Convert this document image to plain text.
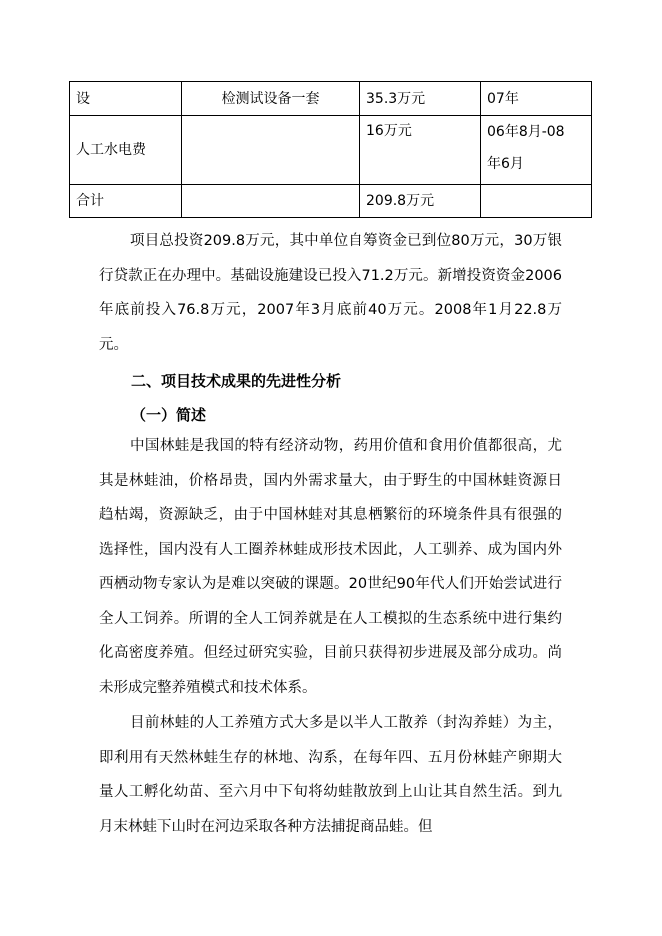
设	检测试设备一套	35.3万元	07年
人工水电费		16万元	06年8月-08
年6月

合计		209.8万元	

项目总投资209.8万元，其中单位自筹资金已到位80万元，30万银行贷款正在办理中。基础设施建设已投入71.2万元。新增投资资金2006年底前投入76.8万元，2007年3月底前40万元。2008年1月22.8万元。

二、项目技术成果的先进性分析
（一）简述

中国林蛙是我国的特有经济动物，药用价值和食用价值都很高，尤其是林蛙油，价格昂贵，国内外需求量大，由于野生的中国林蛙资源日趋枯竭，资源缺乏，由于中国林蛙对其息栖繁衍的环境条件具有很强的选择性，国内没有人工圈养林蛙成形技术因此，人工驯养、成为国内外西栖动物专家认为是难以突破的课题。20世纪90年代人们开始尝试进行全人工饲养。所谓的全人工饲养就是在人工模拟的生态系统中进行集约化高密度养殖。但经过研究实验，目前只获得初步进展及部分成功。尚未形成完整养殖模式和技术体系。

目前林蛙的人工养殖方式大多是以半人工散养（封沟养蛙）为主，即利用有天然林蛙生存的林地、沟系，在每年四、五月份林蛙产卵期大量人工孵化幼苗、至六月中下旬将幼蛙散放到上山让其自然生活。到九月末林蛙下山时在河边采取各种方法捕捉商品蛙。但
